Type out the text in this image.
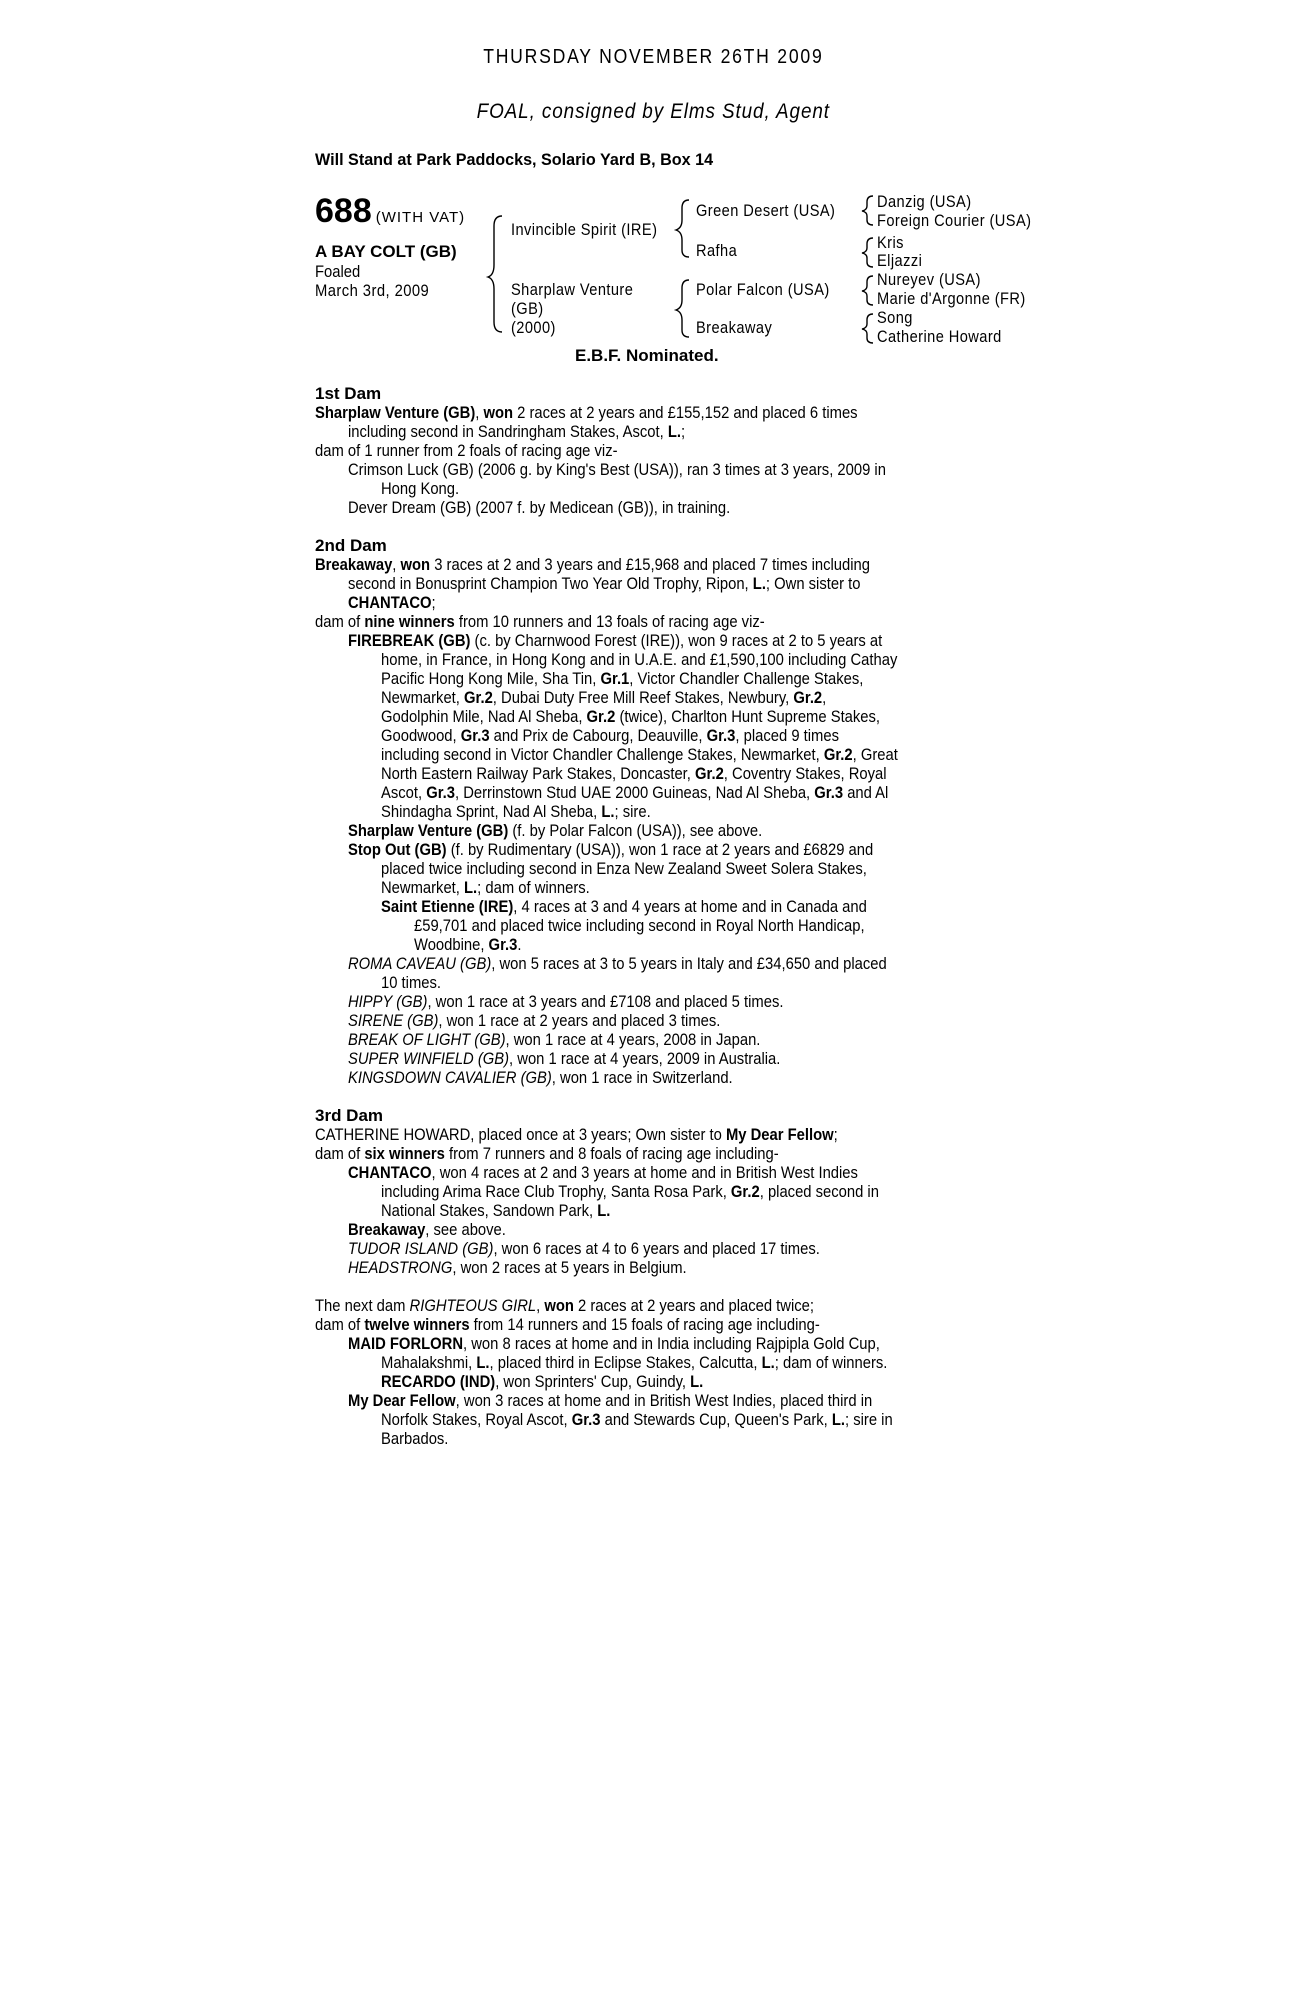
THURSDAY NOVEMBER 26TH 2009
FOAL, consigned by Elms Stud, Agent
Will Stand at Park Paddocks, Solario Yard B, Box 14
688 (WITH VAT)
A BAY COLT (GB)
Foaled
March 3rd, 2009
Invincible Spirit (IRE)
Green Desert (USA)
Rafha
Danzig (USA)
Foreign Courier (USA)
Kris
Eljazzi
Sharplaw Venture
(GB)
(2000)
Polar Falcon (USA)
Breakaway
Nureyev (USA)
Marie d'Argonne (FR)
Song
Catherine Howard
E.B.F. Nominated.

1st Dam

Sharplaw Venture (GB), won 2 races at 2 years and £155,152 and placed 6 times
including second in Sandringham Stakes, Ascot, L.;
dam of 1 runner from 2 foals of racing age viz-
Crimson Luck (GB) (2006 g. by King's Best (USA)), ran 3 times at 3 years, 2009 in
Hong Kong.
Dever Dream (GB) (2007 f. by Medicean (GB)), in training.

2nd Dam

Breakaway, won 3 races at 2 and 3 years and £15,968 and placed 7 times including
second in Bonusprint Champion Two Year Old Trophy, Ripon, L.; Own sister to
CHANTACO;
dam of nine winners from 10 runners and 13 foals of racing age viz-
FIREBREAK (GB) (c. by Charnwood Forest (IRE)), won 9 races at 2 to 5 years at
home, in France, in Hong Kong and in U.A.E. and £1,590,100 including Cathay
Pacific Hong Kong Mile, Sha Tin, Gr.1, Victor Chandler Challenge Stakes,
Newmarket, Gr.2, Dubai Duty Free Mill Reef Stakes, Newbury, Gr.2,
Godolphin Mile, Nad Al Sheba, Gr.2 (twice), Charlton Hunt Supreme Stakes,
Goodwood, Gr.3 and Prix de Cabourg, Deauville, Gr.3, placed 9 times
including second in Victor Chandler Challenge Stakes, Newmarket, Gr.2, Great
North Eastern Railway Park Stakes, Doncaster, Gr.2, Coventry Stakes, Royal
Ascot, Gr.3, Derrinstown Stud UAE 2000 Guineas, Nad Al Sheba, Gr.3 and Al
Shindagha Sprint, Nad Al Sheba, L.; sire.
Sharplaw Venture (GB) (f. by Polar Falcon (USA)), see above.
Stop Out (GB) (f. by Rudimentary (USA)), won 1 race at 2 years and £6829 and
placed twice including second in Enza New Zealand Sweet Solera Stakes,
Newmarket, L.; dam of winners.
Saint Etienne (IRE), 4 races at 3 and 4 years at home and in Canada and
£59,701 and placed twice including second in Royal North Handicap,
Woodbine, Gr.3.
ROMA CAVEAU (GB), won 5 races at 3 to 5 years in Italy and £34,650 and placed
10 times.
HIPPY (GB), won 1 race at 3 years and £7108 and placed 5 times.
SIRENE (GB), won 1 race at 2 years and placed 3 times.
BREAK OF LIGHT (GB), won 1 race at 4 years, 2008 in Japan.
SUPER WINFIELD (GB), won 1 race at 4 years, 2009 in Australia.
KINGSDOWN CAVALIER (GB), won 1 race in Switzerland.

3rd Dam

CATHERINE HOWARD, placed once at 3 years; Own sister to My Dear Fellow;
dam of six winners from 7 runners and 8 foals of racing age including-
CHANTACO, won 4 races at 2 and 3 years at home and in British West Indies
including Arima Race Club Trophy, Santa Rosa Park, Gr.2, placed second in
National Stakes, Sandown Park, L.
Breakaway, see above.
TUDOR ISLAND (GB), won 6 races at 4 to 6 years and placed 17 times.
HEADSTRONG, won 2 races at 5 years in Belgium.
The next dam RIGHTEOUS GIRL, won 2 races at 2 years and placed twice;
dam of twelve winners from 14 runners and 15 foals of racing age including-
MAID FORLORN, won 8 races at home and in India including Rajpipla Gold Cup,
Mahalakshmi, L., placed third in Eclipse Stakes, Calcutta, L.; dam of winners.
RECARDO (IND), won Sprinters' Cup, Guindy, L.
My Dear Fellow, won 3 races at home and in British West Indies, placed third in
Norfolk Stakes, Royal Ascot, Gr.3 and Stewards Cup, Queen's Park, L.; sire in
Barbados.
